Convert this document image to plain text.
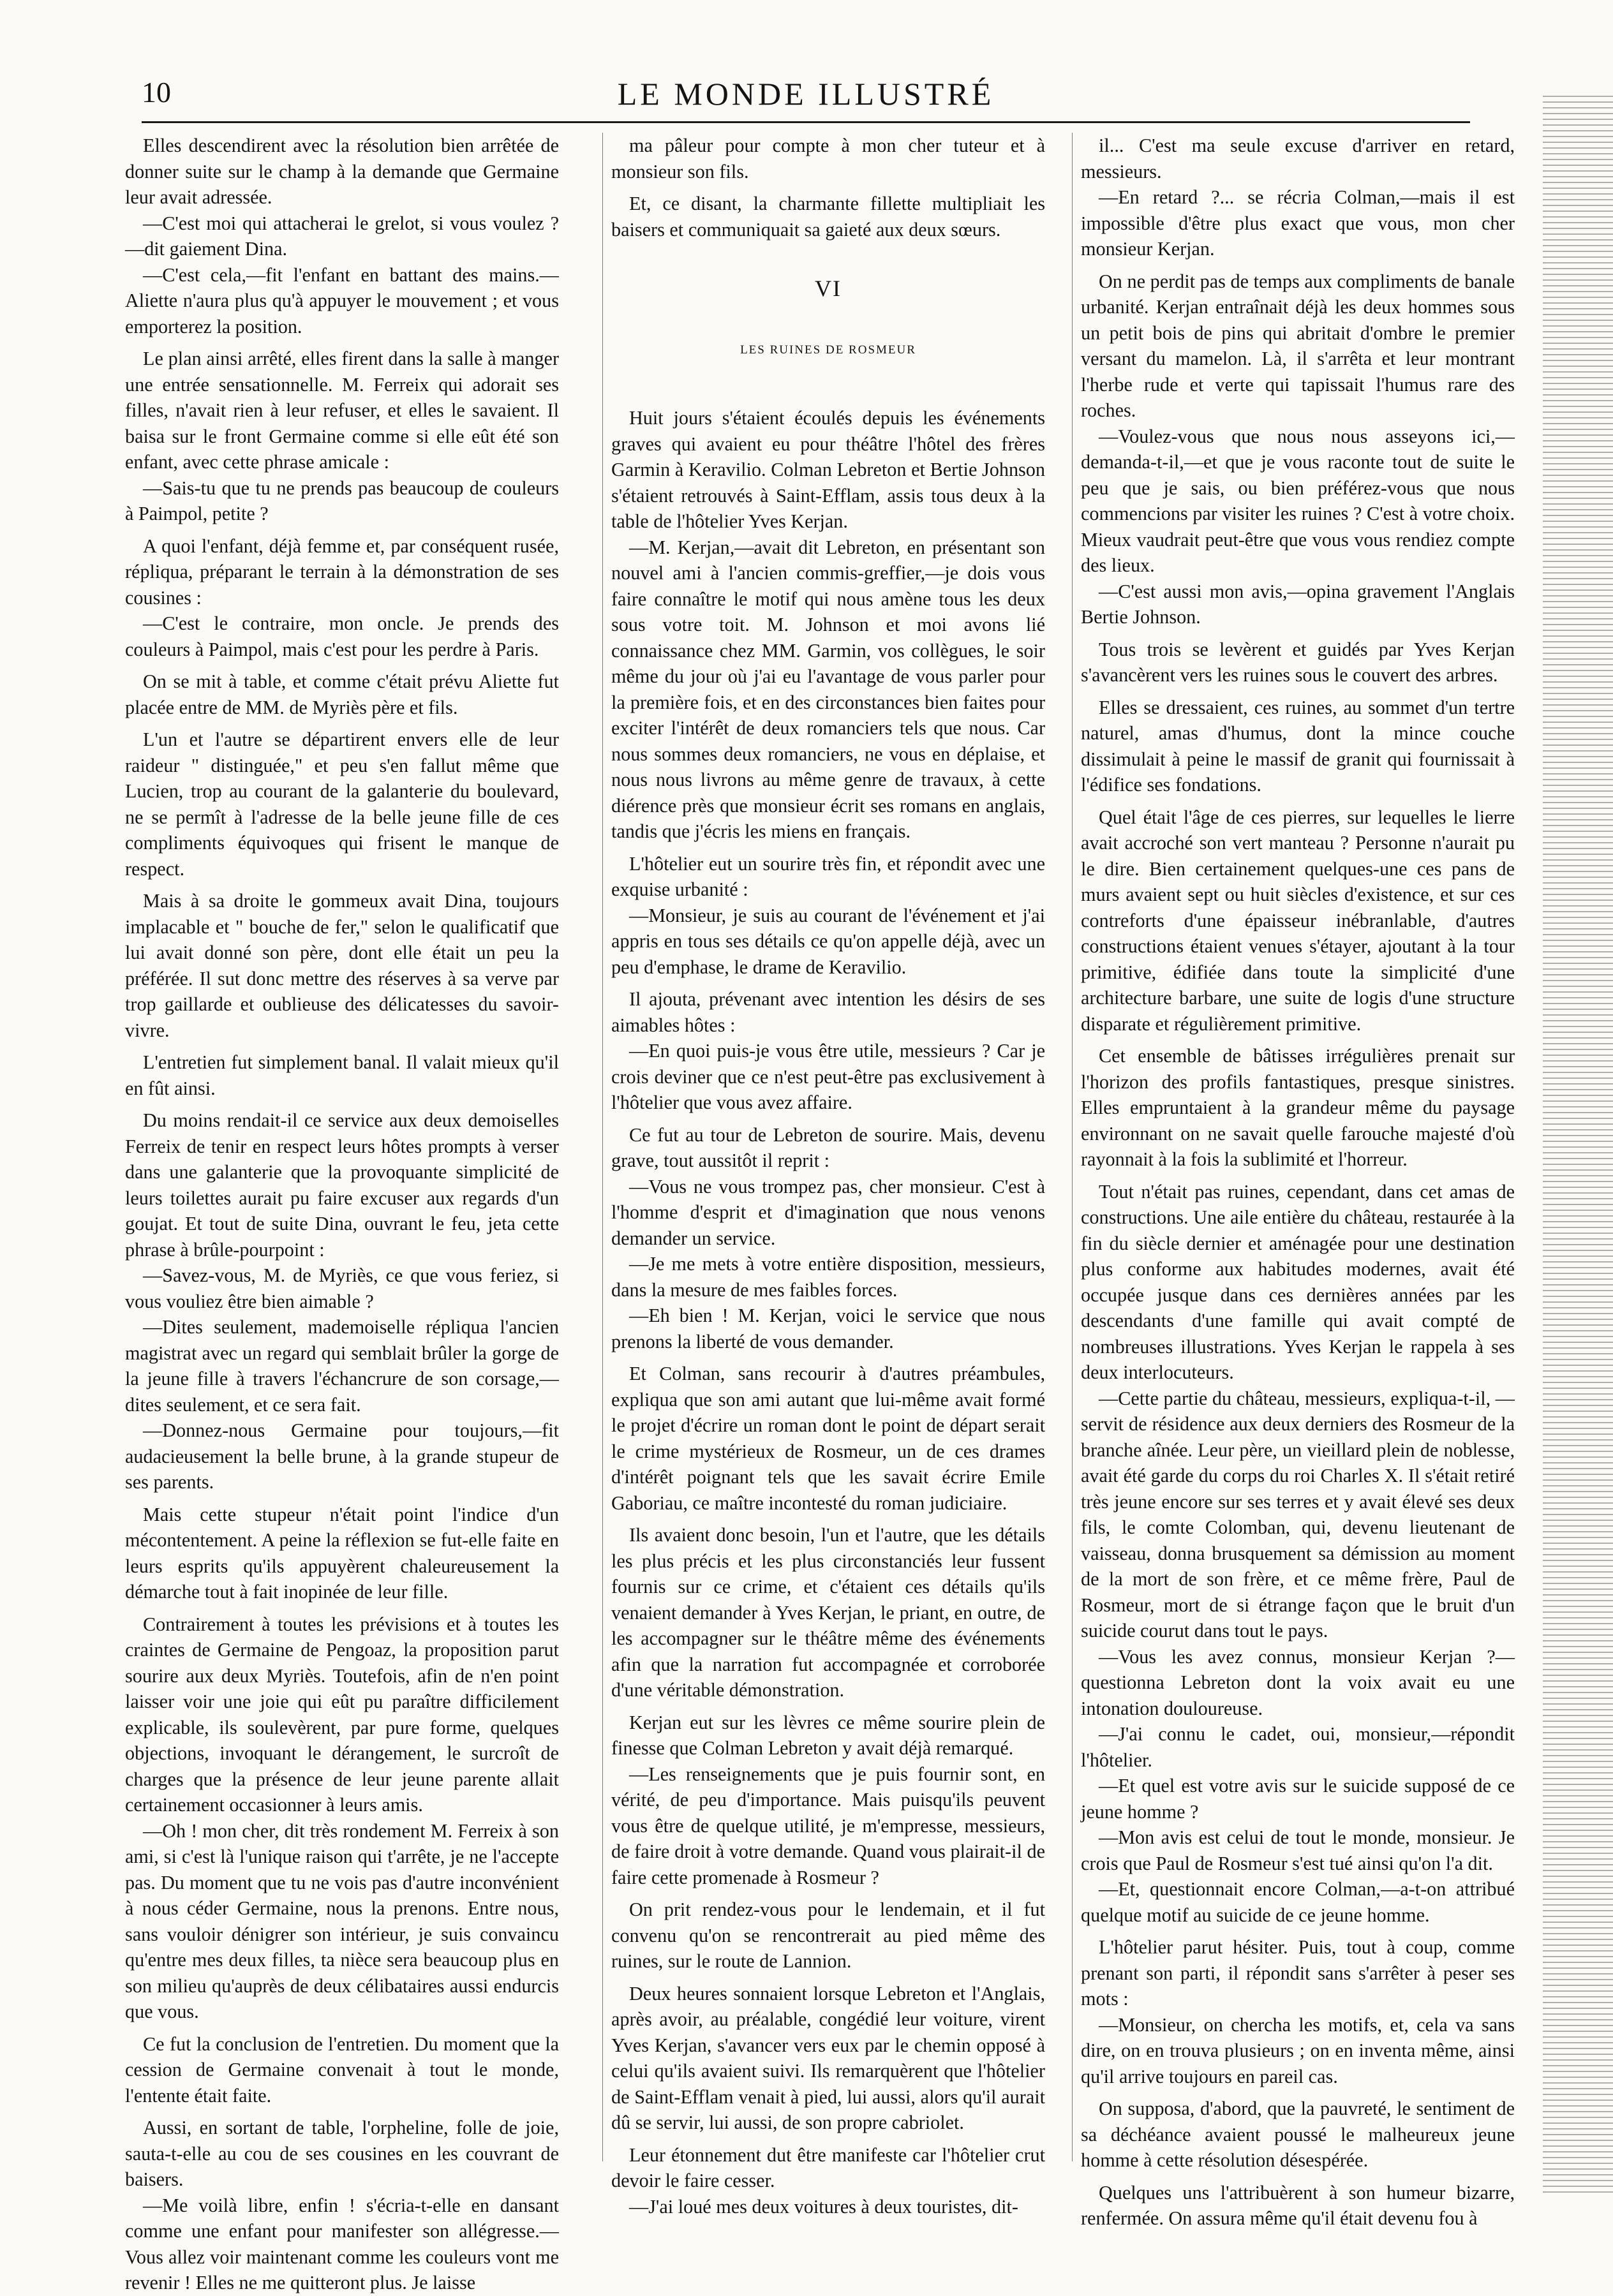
10	LE MONDE ILLUSTRÉ

Elles descendirent avec la résolution bien arrêtée de donner suite sur le champ à la demande que Germaine leur avait adressée.

—C'est moi qui attacherai le grelot, si vous voulez ? —dit gaiement Dina.

—C'est cela,—fit l'enfant en battant des mains.— Aliette n'aura plus qu'à appuyer le mouvement ; et vous emporterez la position.

Le plan ainsi arrêté, elles firent dans la salle à manger une entrée sensationnelle. M. Ferreix qui adorait ses filles, n'avait rien à leur refuser, et elles le savaient. Il baisa sur le front Germaine comme si elle eût été son enfant, avec cette phrase amicale :

—Sais-tu que tu ne prends pas beaucoup de couleurs à Paimpol, petite ?

A quoi l'enfant, déjà femme et, par conséquent rusée, répliqua, préparant le terrain à la démonstration de ses cousines :

—C'est le contraire, mon oncle. Je prends des couleurs à Paimpol, mais c'est pour les perdre à Paris.

On se mit à table, et comme c'était prévu Aliette fut placée entre de MM. de Myriès père et fils.

L'un et l'autre se départirent envers elle de leur raideur " distinguée," et peu s'en fallut même que Lucien, trop au courant de la galanterie du boulevard, ne se permît à l'adresse de la belle jeune fille de ces compliments équivoques qui frisent le manque de respect.

Mais à sa droite le gommeux avait Dina, toujours implacable et " bouche de fer," selon le qualificatif que lui avait donné son père, dont elle était un peu la préférée. Il sut donc mettre des réserves à sa verve par trop gaillarde et oublieuse des délicatesses du savoir-vivre.

L'entretien fut simplement banal. Il valait mieux qu'il en fût ainsi.

Du moins rendait-il ce service aux deux demoiselles Ferreix de tenir en respect leurs hôtes prompts à verser dans une galanterie que la provoquante simplicité de leurs toilettes aurait pu faire excuser aux regards d'un goujat. Et tout de suite Dina, ouvrant le feu, jeta cette phrase à brûle-pourpoint :

—Savez-vous, M. de Myriès, ce que vous feriez, si vous vouliez être bien aimable ?

—Dites seulement, mademoiselle répliqua l'ancien magistrat avec un regard qui semblait brûler la gorge de la jeune fille à travers l'échancrure de son corsage,—dites seulement, et ce sera fait.

—Donnez-nous Germaine pour toujours,—fit audacieusement la belle brune, à la grande stupeur de ses parents.

Mais cette stupeur n'était point l'indice d'un mécontentement. A peine la réflexion se fut-elle faite en leurs esprits qu'ils appuyèrent chaleureusement la démarche tout à fait inopinée de leur fille.

Contrairement à toutes les prévisions et à toutes les craintes de Germaine de Pengoaz, la proposition parut sourire aux deux Myriès. Toutefois, afin de n'en point laisser voir une joie qui eût pu paraître difficilement explicable, ils soulevèrent, par pure forme, quelques objections, invoquant le dérangement, le surcroît de charges que la présence de leur jeune parente allait certainement occasionner à leurs amis.

—Oh ! mon cher, dit très rondement M. Ferreix à son ami, si c'est là l'unique raison qui t'arrête, je ne l'accepte pas. Du moment que tu ne vois pas d'autre inconvénient à nous céder Germaine, nous la prenons. Entre nous, sans vouloir dénigrer son intérieur, je suis convaincu qu'entre mes deux filles, ta nièce sera beaucoup plus en son milieu qu'auprès de deux célibataires aussi endurcis que vous.

Ce fut la conclusion de l'entretien. Du moment que la cession de Germaine convenait à tout le monde, l'entente était faite.

Aussi, en sortant de table, l'orpheline, folle de joie, sauta-t-elle au cou de ses cousines en les couvrant de baisers.

—Me voilà libre, enfin ! s'écria-t-elle en dansant comme une enfant pour manifester son allégresse.— Vous allez voir maintenant comme les couleurs vont me revenir ! Elles ne me quitteront plus. Je laisse

ma pâleur pour compte à mon cher tuteur et à monsieur son fils.

Et, ce disant, la charmante fillette multipliait les baisers et communiquait sa gaieté aux deux sœurs.

VI
LES RUINES DE ROSMEUR

Huit jours s'étaient écoulés depuis les événements graves qui avaient eu pour théâtre l'hôtel des frères Garmin à Keravilio. Colman Lebreton et Bertie Johnson s'étaient retrouvés à Saint-Efflam, assis tous deux à la table de l'hôtelier Yves Kerjan.

—M. Kerjan,—avait dit Lebreton, en présentant son nouvel ami à l'ancien commis-greffier,—je dois vous faire connaître le motif qui nous amène tous les deux sous votre toit. M. Johnson et moi avons lié connaissance chez MM. Garmin, vos collègues, le soir même du jour où j'ai eu l'avantage de vous parler pour la première fois, et en des circonstances bien faites pour exciter l'intérêt de deux romanciers tels que nous. Car nous sommes deux romanciers, ne vous en déplaise, et nous nous livrons au même genre de travaux, à cette diérence près que monsieur écrit ses romans en anglais, tandis que j'écris les miens en français.

L'hôtelier eut un sourire très fin, et répondit avec une exquise urbanité :

—Monsieur, je suis au courant de l'événement et j'ai appris en tous ses détails ce qu'on appelle déjà, avec un peu d'emphase, le drame de Keravilio.

Il ajouta, prévenant avec intention les désirs de ses aimables hôtes :

—En quoi puis-je vous être utile, messieurs ? Car je crois deviner que ce n'est peut-être pas exclusivement à l'hôtelier que vous avez affaire.

Ce fut au tour de Lebreton de sourire. Mais, devenu grave, tout aussitôt il reprit :

—Vous ne vous trompez pas, cher monsieur. C'est à l'homme d'esprit et d'imagination que nous venons demander un service.

—Je me mets à votre entière disposition, messieurs, dans la mesure de mes faibles forces.

—Eh bien ! M. Kerjan, voici le service que nous prenons la liberté de vous demander.

Et Colman, sans recourir à d'autres préambules, expliqua que son ami autant que lui-même avait formé le projet d'écrire un roman dont le point de départ serait le crime mystérieux de Rosmeur, un de ces drames d'intérêt poignant tels que les savait écrire Emile Gaboriau, ce maître incontesté du roman judiciaire.

Ils avaient donc besoin, l'un et l'autre, que les détails les plus précis et les plus circonstanciés leur fussent fournis sur ce crime, et c'étaient ces détails qu'ils venaient demander à Yves Kerjan, le priant, en outre, de les accompagner sur le théâtre même des événements afin que la narration fut accompagnée et corroborée d'une véritable démonstration.

Kerjan eut sur les lèvres ce même sourire plein de finesse que Colman Lebreton y avait déjà remarqué.

—Les renseignements que je puis fournir sont, en vérité, de peu d'importance. Mais puisqu'ils peuvent vous être de quelque utilité, je m'empresse, messieurs, de faire droit à votre demande. Quand vous plairait-il de faire cette promenade à Rosmeur ?

On prit rendez-vous pour le lendemain, et il fut convenu qu'on se rencontrerait au pied même des ruines, sur le route de Lannion.

Deux heures sonnaient lorsque Lebreton et l'Anglais, après avoir, au préalable, congédié leur voiture, virent Yves Kerjan, s'avancer vers eux par le chemin opposé à celui qu'ils avaient suivi. Ils remarquèrent que l'hôtelier de Saint-Efflam venait à pied, lui aussi, alors qu'il aurait dû se servir, lui aussi, de son propre cabriolet.

Leur étonnement dut être manifeste car l'hôtelier crut devoir le faire cesser.

—J'ai loué mes deux voitures à deux touristes, dit-

il... C'est ma seule excuse d'arriver en retard, messieurs.

—En retard ?... se récria Colman,—mais il est impossible d'être plus exact que vous, mon cher monsieur Kerjan.

On ne perdit pas de temps aux compliments de banale urbanité. Kerjan entraînait déjà les deux hommes sous un petit bois de pins qui abritait d'ombre le premier versant du mamelon. Là, il s'arrêta et leur montrant l'herbe rude et verte qui tapissait l'humus rare des roches.

—Voulez-vous que nous nous asseyons ici,—demanda-t-il,—et que je vous raconte tout de suite le peu que je sais, ou bien préférez-vous que nous commencions par visiter les ruines ? C'est à votre choix. Mieux vaudrait peut-être que vous vous rendiez compte des lieux.

—C'est aussi mon avis,—opina gravement l'Anglais Bertie Johnson.

Tous trois se levèrent et guidés par Yves Kerjan s'avancèrent vers les ruines sous le couvert des arbres.

Elles se dressaient, ces ruines, au sommet d'un tertre naturel, amas d'humus, dont la mince couche dissimulait à peine le massif de granit qui fournissait à l'édifice ses fondations.

Quel était l'âge de ces pierres, sur lequelles le lierre avait accroché son vert manteau ? Personne n'aurait pu le dire. Bien certainement quelques-une ces pans de murs avaient sept ou huit siècles d'existence, et sur ces contreforts d'une épaisseur inébranlable, d'autres constructions étaient venues s'étayer, ajoutant à la tour primitive, édifiée dans toute la simplicité d'une architecture barbare, une suite de logis d'une structure disparate et régulièrement primitive.

Cet ensemble de bâtisses irrégulières prenait sur l'horizon des profils fantastiques, presque sinistres. Elles empruntaient à la grandeur même du paysage environnant on ne savait quelle farouche majesté d'où rayonnait à la fois la sublimité et l'horreur.

Tout n'était pas ruines, cependant, dans cet amas de constructions. Une aile entière du château, restaurée à la fin du siècle dernier et aménagée pour une destination plus conforme aux habitudes modernes, avait été occupée jusque dans ces dernières années par les descendants d'une famille qui avait compté de nombreuses illustrations. Yves Kerjan le rappela à ses deux interlocuteurs.

—Cette partie du château, messieurs, expliqua-t-il, —servit de résidence aux deux derniers des Rosmeur de la branche aînée. Leur père, un vieillard plein de noblesse, avait été garde du corps du roi Charles X. Il s'était retiré très jeune encore sur ses terres et y avait élevé ses deux fils, le comte Colomban, qui, devenu lieutenant de vaisseau, donna brusquement sa démission au moment de la mort de son frère, et ce même frère, Paul de Rosmeur, mort de si étrange façon que le bruit d'un suicide courut dans tout le pays.

—Vous les avez connus, monsieur Kerjan ?—questionna Lebreton dont la voix avait eu une intonation douloureuse.

—J'ai connu le cadet, oui, monsieur,—répondit l'hôtelier.

—Et quel est votre avis sur le suicide supposé de ce jeune homme ?

—Mon avis est celui de tout le monde, monsieur. Je crois que Paul de Rosmeur s'est tué ainsi qu'on l'a dit.

—Et, questionnait encore Colman,—a-t-on attribué quelque motif au suicide de ce jeune homme.

L'hôtelier parut hésiter. Puis, tout à coup, comme prenant son parti, il répondit sans s'arrêter à peser ses mots :

—Monsieur, on chercha les motifs, et, cela va sans dire, on en trouva plusieurs ; on en inventa même, ainsi qu'il arrive toujours en pareil cas.

On supposa, d'abord, que la pauvreté, le sentiment de sa déchéance avaient poussé le malheureux jeune homme à cette résolution désespérée.

Quelques uns l'attribuèrent à son humeur bizarre, renfermée. On assura même qu'il était devenu fou à
